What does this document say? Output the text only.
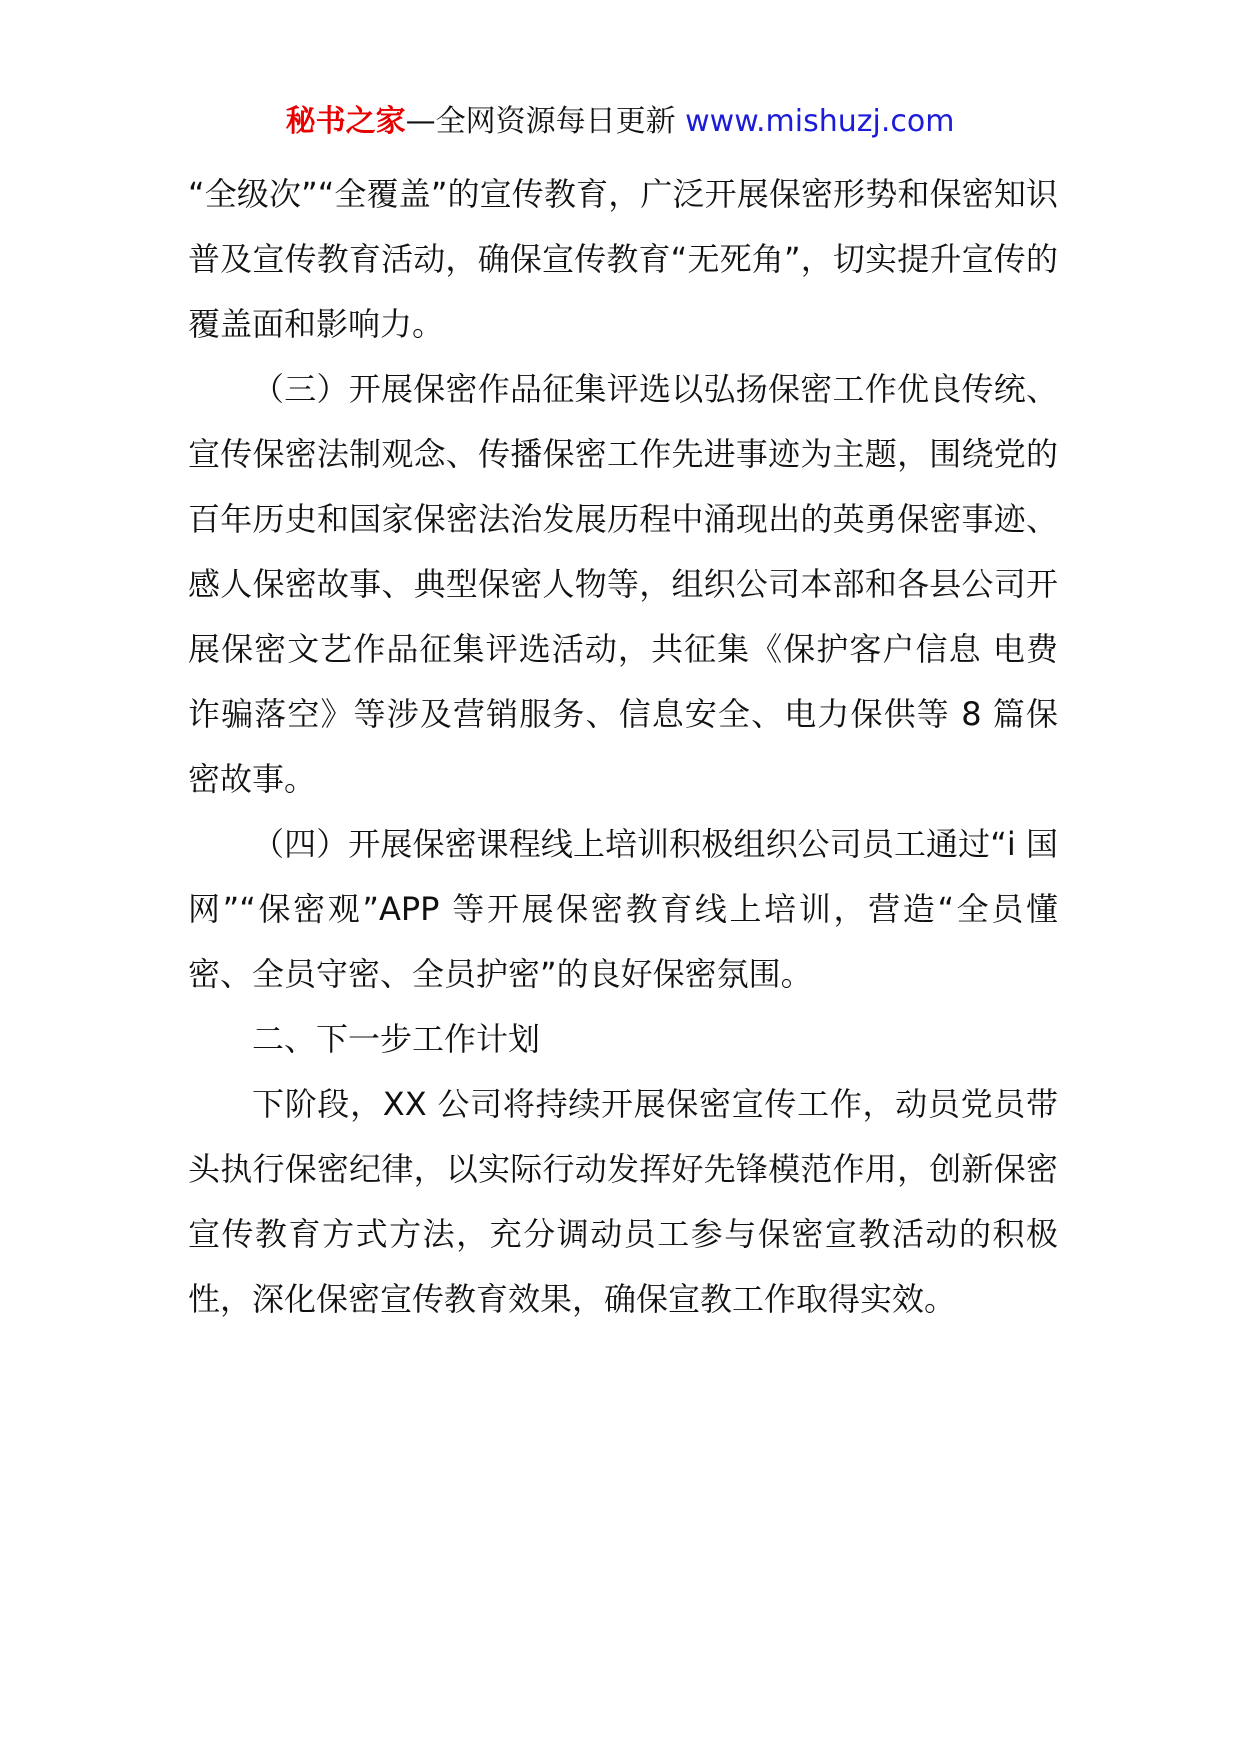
秘书之家—全网资源每日更新 www.mishuzj.com

“全级次”“全覆盖”的宣传教育，广泛开展保密形势和保密知识普及宣传教育活动，确保宣传教育“无死角”，切实提升宣传的覆盖面和影响力。

（三）开展保密作品征集评选以弘扬保密工作优良传统、宣传保密法制观念、传播保密工作先进事迹为主题，围绕党的百年历史和国家保密法治发展历程中涌现出的英勇保密事迹、感人保密故事、典型保密人物等，组织公司本部和各县公司开展保密文艺作品征集评选活动，共征集《保护客户信息 电费诈骗落空》等涉及营销服务、信息安全、电力保供等 8 篇保密故事。

（四）开展保密课程线上培训积极组织公司员工通过“i 国网”“保密观”APP 等开展保密教育线上培训，营造“全员懂密、全员守密、全员护密”的良好保密氛围。

二、下一步工作计划

下阶段，XX 公司将持续开展保密宣传工作，动员党员带头执行保密纪律，以实际行动发挥好先锋模范作用，创新保密宣传教育方式方法，充分调动员工参与保密宣教活动的积极性，深化保密宣传教育效果，确保宣教工作取得实效。
